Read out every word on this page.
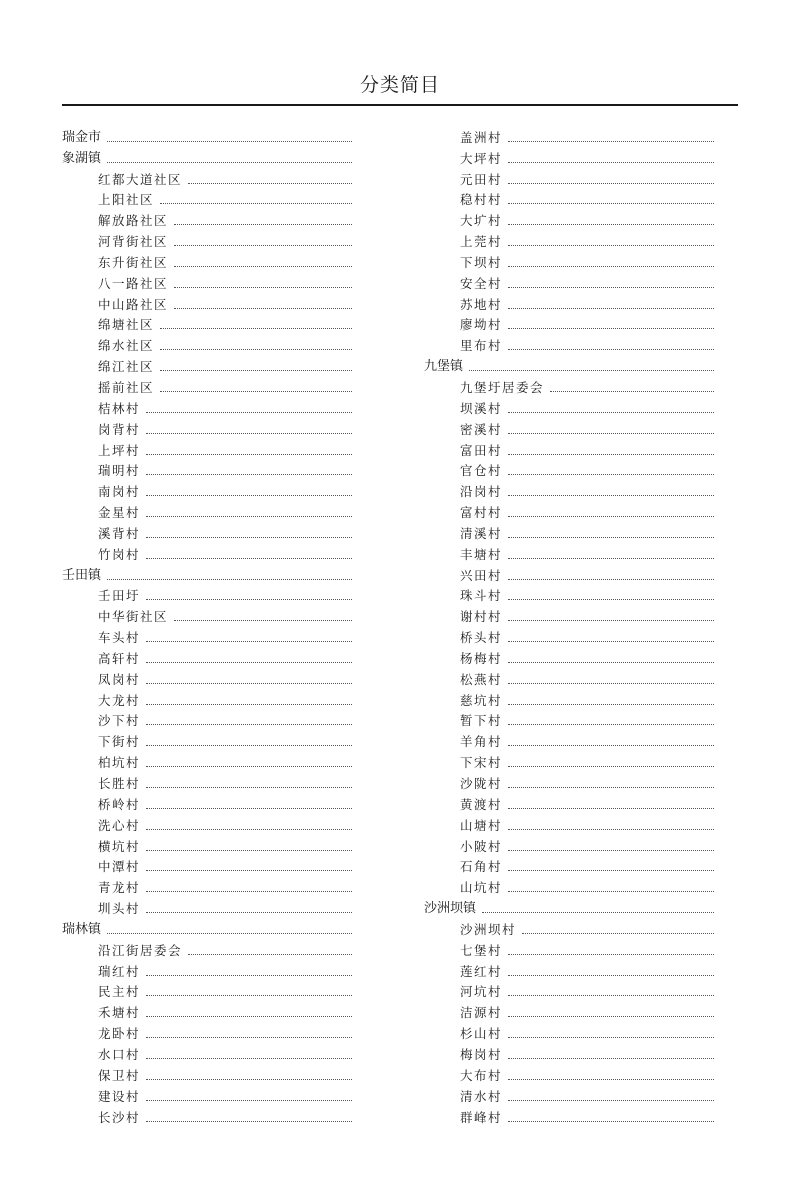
分类简目
瑞金市
象湖镇
红都大道社区
上阳社区
解放路社区
河背街社区
东升街社区
八一路社区
中山路社区
绵塘社区
绵水社区
绵江社区
摇前社区
桔林村
岗背村
上坪村
瑞明村
南岗村
金星村
溪背村
竹岗村
壬田镇
壬田圩
中华街社区
车头村
高轩村
凤岗村
大龙村
沙下村
下街村
柏坑村
长胜村
桥岭村
洗心村
横坑村
中潭村
青龙村
圳头村
瑞林镇
沿江街居委会
瑞红村
民主村
禾塘村
龙卧村
水口村
保卫村
建设村
长沙村
盖洲村
大坪村
元田村
稳村村
大圹村
上莞村
下坝村
安全村
苏地村
廖坳村
里布村
九堡镇
九堡圩居委会
坝溪村
密溪村
富田村
官仓村
沿岗村
富村村
清溪村
丰塘村
兴田村
珠斗村
谢村村
桥头村
杨梅村
松燕村
慈坑村
暂下村
羊角村
下宋村
沙陇村
黄渡村
山塘村
小陂村
石角村
山坑村
沙洲坝镇
沙洲坝村
七堡村
莲红村
河坑村
洁源村
杉山村
梅岗村
大布村
清水村
群峰村
